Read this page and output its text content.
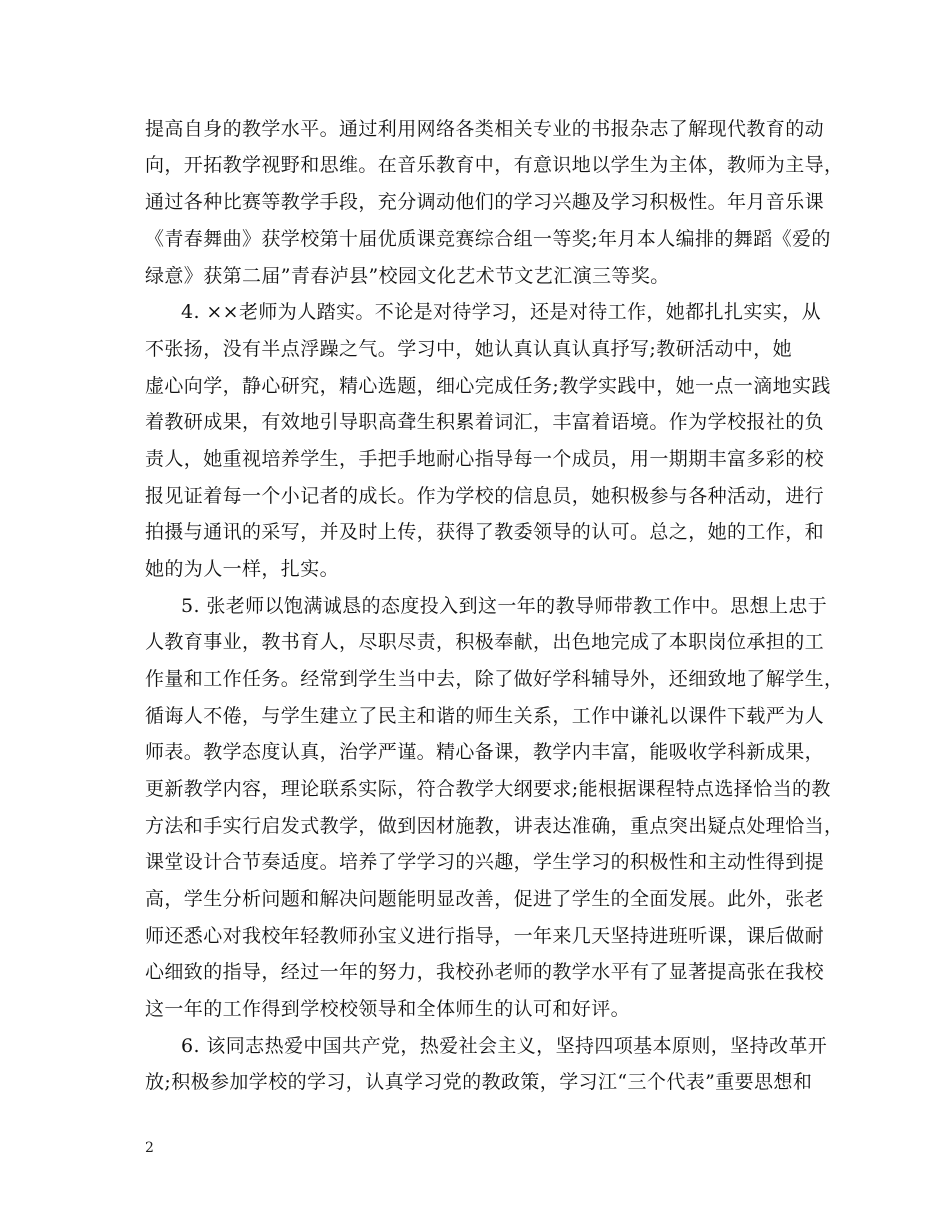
提高自身的教学水平。通过利用网络各类相关专业的书报杂志了解现代教育的动
向，开拓教学视野和思维。在音乐教育中，有意识地以学生为主体，教师为主导，
通过各种比赛等教学手段，充分调动他们的学习兴趣及学习积极性。年月音乐课
《青春舞曲》获学校第十届优质课竞赛综合组一等奖;年月本人编排的舞蹈《爱的
绿意》获第二届”青春泸县”校园文化艺术节文艺汇演三等奖。
4. ××老师为人踏实。不论是对待学习，还是对待工作，她都扎扎实实，从
不张扬，没有半点浮躁之气。学习中，她认真认真认真抒写;教研活动中，她
虚心向学，静心研究，精心选题，细心完成任务;教学实践中，她一点一滴地实践
着教研成果，有效地引导职高聋生积累着词汇，丰富着语境。作为学校报社的负
责人，她重视培养学生，手把手地耐心指导每一个成员，用一期期丰富多彩的校
报见证着每一个小记者的成长。作为学校的信息员，她积极参与各种活动，进行
拍摄与通讯的采写，并及时上传，获得了教委领导的认可。总之，她的工作，和
她的为人一样，扎实。
5. 张老师以饱满诚恳的态度投入到这一年的教导师带教工作中。思想上忠于
人教育事业，教书育人，尽职尽责，积极奉献，出色地完成了本职岗位承担的工
作量和工作任务。经常到学生当中去，除了做好学科辅导外，还细致地了解学生，
循诲人不倦，与学生建立了民主和谐的师生关系，工作中谦礼以课件下载严为人
师表。教学态度认真，治学严谨。精心备课，教学内丰富，能吸收学科新成果，
更新教学内容，理论联系实际，符合教学大纲要求;能根据课程特点选择恰当的教
方法和手实行启发式教学，做到因材施教，讲表达准确，重点突出疑点处理恰当，
课堂设计合节奏适度。培养了学学习的兴趣，学生学习的积极性和主动性得到提
高，学生分析问题和解决问题能明显改善，促进了学生的全面发展。此外，张老
师还悉心对我校年轻教师孙宝义进行指导，一年来几天坚持进班听课，课后做耐
心细致的指导，经过一年的努力，我校孙老师的教学水平有了显著提高张在我校
这一年的工作得到学校校领导和全体师生的认可和好评。
6. 该同志热爱中国共产党，热爱社会主义，坚持四项基本原则，坚持改革开
放;积极参加学校的学习，认真学习党的教政策，学习江“三个代表”重要思想和
2
